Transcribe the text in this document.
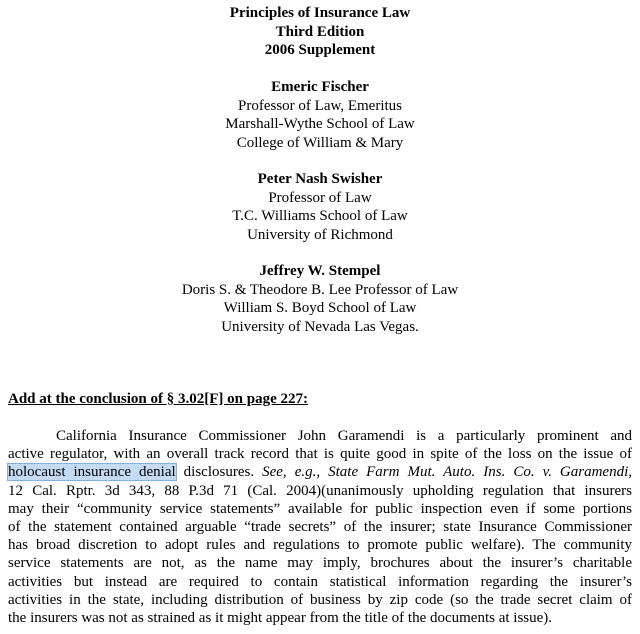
Principles of Insurance Law
Third Edition
2006 Supplement
Emeric Fischer
Professor of Law, Emeritus
Marshall-Wythe School of Law
College of William & Mary
Peter Nash Swisher
Professor of Law
T.C. Williams School of Law
University of Richmond
Jeffrey W. Stempel
Doris S. & Theodore B. Lee Professor of Law
William S. Boyd School of Law
University of Nevada Las Vegas.
Add at the conclusion of § 3.02[F] on page 227:
California Insurance Commissioner John Garamendi is a particularly prominent and
active regulator, with an overall track record that is quite good in spite of the loss on the issue of
holocaust insurance denial disclosures. See, e.g., State Farm Mut. Auto. Ins. Co. v. Garamendi,
12 Cal. Rptr. 3d 343, 88 P.3d 71 (Cal. 2004)(unanimously upholding regulation that insurers
may their “community service statements” available for public inspection even if some portions
of the statement contained arguable “trade secrets” of the insurer; state Insurance Commissioner
has broad discretion to adopt rules and regulations to promote public welfare). The community
service statements are not, as the name may imply, brochures about the insurer’s charitable
activities but instead are required to contain statistical information regarding the insurer’s
activities in the state, including distribution of business by zip code (so the trade secret claim of
the insurers was not as strained as it might appear from the title of the documents at issue).
